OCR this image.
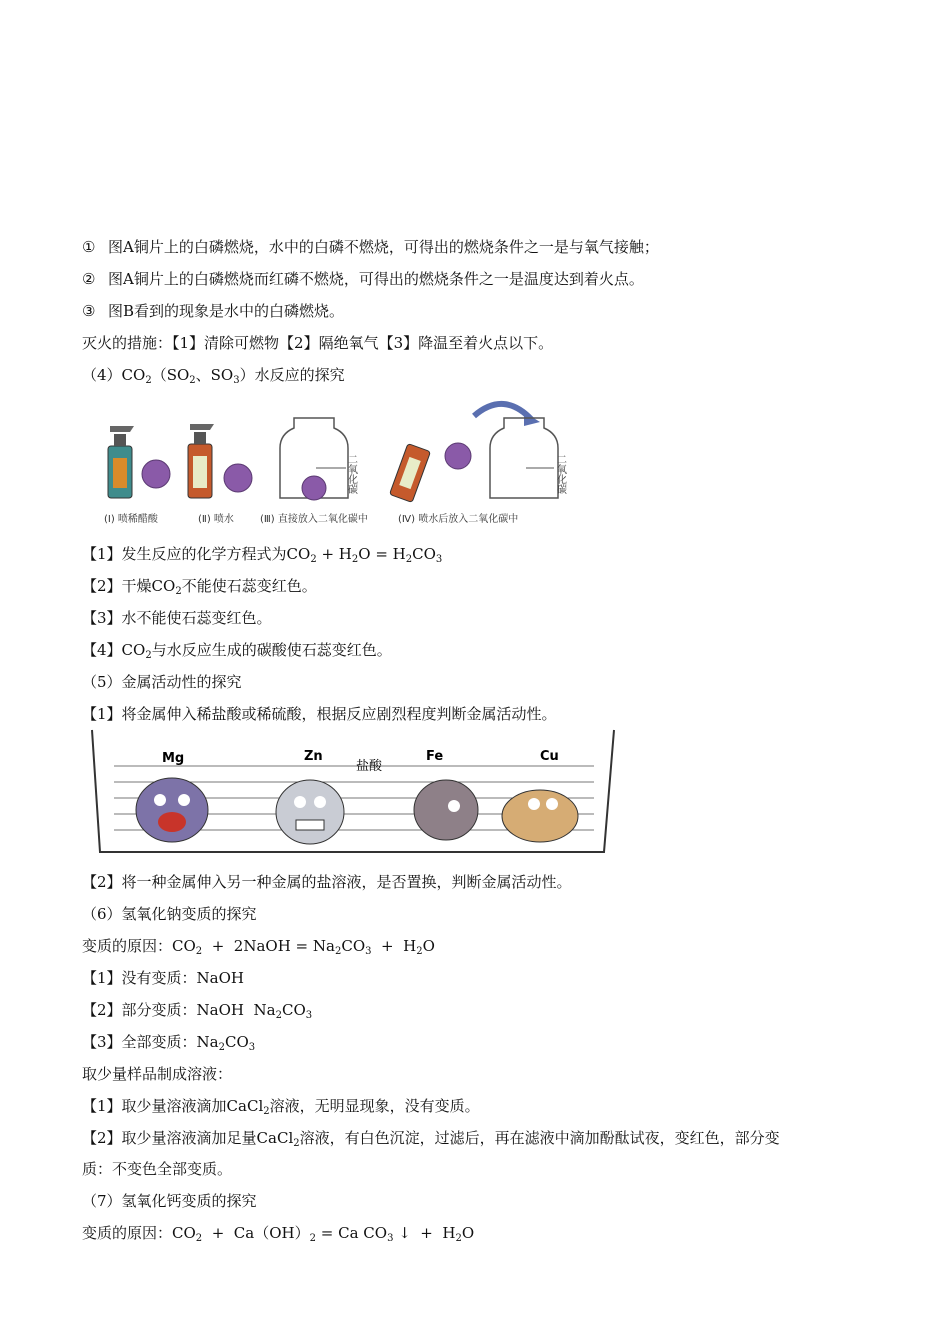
① 图A铜片上的白磷燃烧，水中的白磷不燃烧，可得出的燃烧条件之一是与氧气接触；
② 图A铜片上的白磷燃烧而红磷不燃烧，可得出的燃烧条件之一是温度达到着火点。
③ 图B看到的现象是水中的白磷燃烧。
灭火的措施：【1】清除可燃物【2】隔绝氧气【3】降温至着火点以下。
$(4)CO_2(SO_2$、$SO_3$）水反应的探究
二氧化碳	二氧化碳
(Ⅰ) 喷稀醋酸	(Ⅱ) 喷水	(Ⅲ) 直接放入二氧化碳中	(Ⅳ) 喷水后放入二氧化碳中
【1】发生反应的化学方程式为$CO_2 + H_2O = H_2CO_3$
【2】干燥$CO_2$不能使石蕊变红色。
【3】水不能使石蕊变红色。
【4】$CO_2$与水反应生成的碳酸使石蕊变红色。
（5）金属活动性的探究
【1】将金属伸入稀盐酸或稀硫酸，根据反应剧烈程度判断金属活动性。
Mg	Zn
盐酸
Fe	Cu
【2】将一种金属伸入另一种金属的盐溶液，是否置换，判断金属活动性。
（6）氢氧化钠变质的探究
变质的原因：$CO_2$  +  2NaOH = $Na_2CO_3 + H_2O$
【1】没有变质：NaOH
【2】部分变质：NaOH  $Na_2CO_3$
【3】全部变质：$Na_2CO_3$
取少量样品制成溶液：
【1】取少量溶液滴加CaCl$_2$溶液，无明显现象，没有变质。
【2】取少量溶液滴加足量CaCl$_2$溶液，有白色沉淀，过滤后，再在滤液中滴加酚酞试夜，变红色，部分变
质：不变色全部变质。
（7）氢氧化钙变质的探究
变质的原因：$CO_2 + Ca(OH)_2 = Ca$ $CO_3$ ↓  +  $H_2O$
